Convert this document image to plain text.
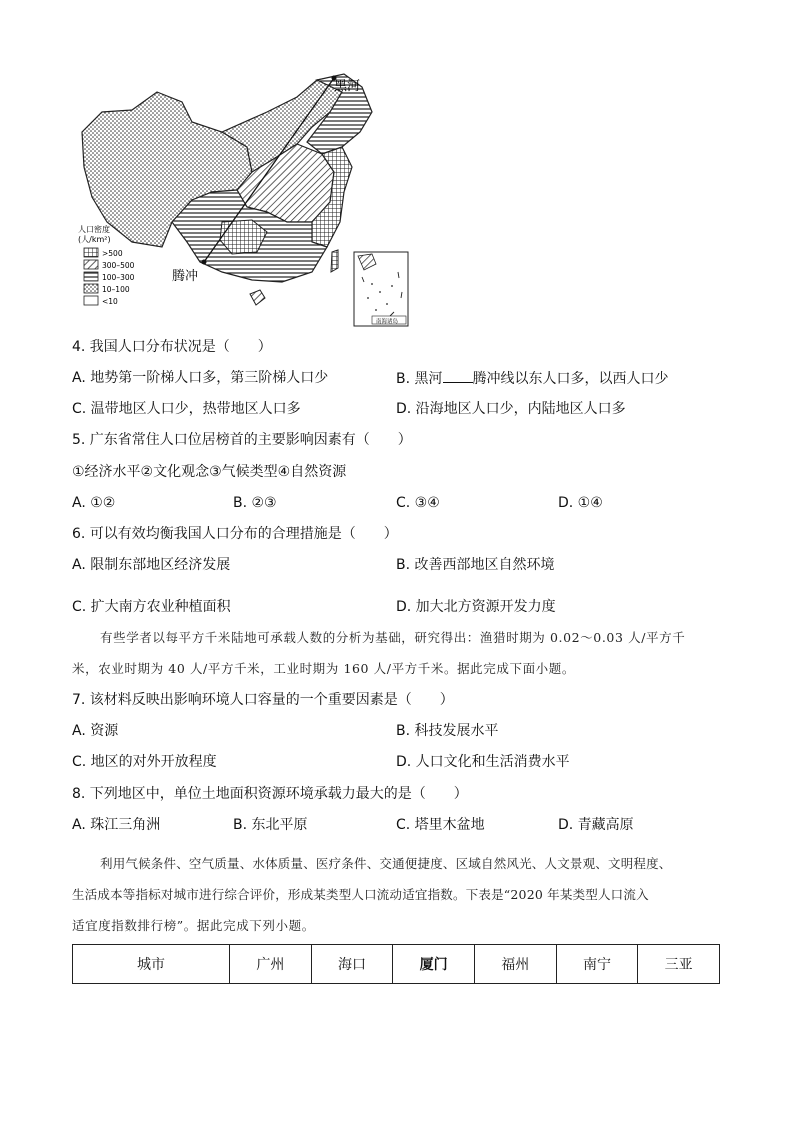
黑河
腾冲
人口密度
(人/km²)
>500
300–500
100–300
10–100
<10
南海诸岛
4. 我国人口分布状况是（　　）
A. 地势第一阶梯人口多，第三阶梯人口少	B. 黑河 腾冲线以东人口多，以西人口少
C. 温带地区人口少，热带地区人口多	D. 沿海地区人口少，内陆地区人口多
5. 广东省常住人口位居榜首的主要影响因素有（　　）
①经济水平②文化观念③气候类型④自然资源
A. ①②	B. ②③	C. ③④	D. ①④
6. 可以有效均衡我国人口分布的合理措施是（　　）
A. 限制东部地区经济发展	B. 改善西部地区自然环境
C. 扩大南方农业种植面积	D. 加大北方资源开发力度
有些学者以每平方千米陆地可承载人数的分析为基础，研究得出：渔猎时期为 0.02～0.03 人/平方千
米，农业时期为 40 人/平方千米，工业时期为 160 人/平方千米。据此完成下面小题。
7. 该材料反映出影响环境人口容量的一个重要因素是（　　）
A. 资源	B. 科技发展水平
C. 地区的对外开放程度	D. 人口文化和生活消费水平
8. 下列地区中，单位土地面积资源环境承载力最大的是（　　）
A. 珠江三角洲	B. 东北平原	C. 塔里木盆地	D. 青藏高原
利用气候条件、空气质量、水体质量、医疗条件、交通便捷度、区域自然风光、人文景观、文明程度、
生活成本等指标对城市进行综合评价，形成某类型人口流动适宜指数。下表是“2020 年某类型人口流入
适宜度指数排行榜”。据此完成下列小题。
城市	广州	海口	厦门	福州	南宁	三亚
